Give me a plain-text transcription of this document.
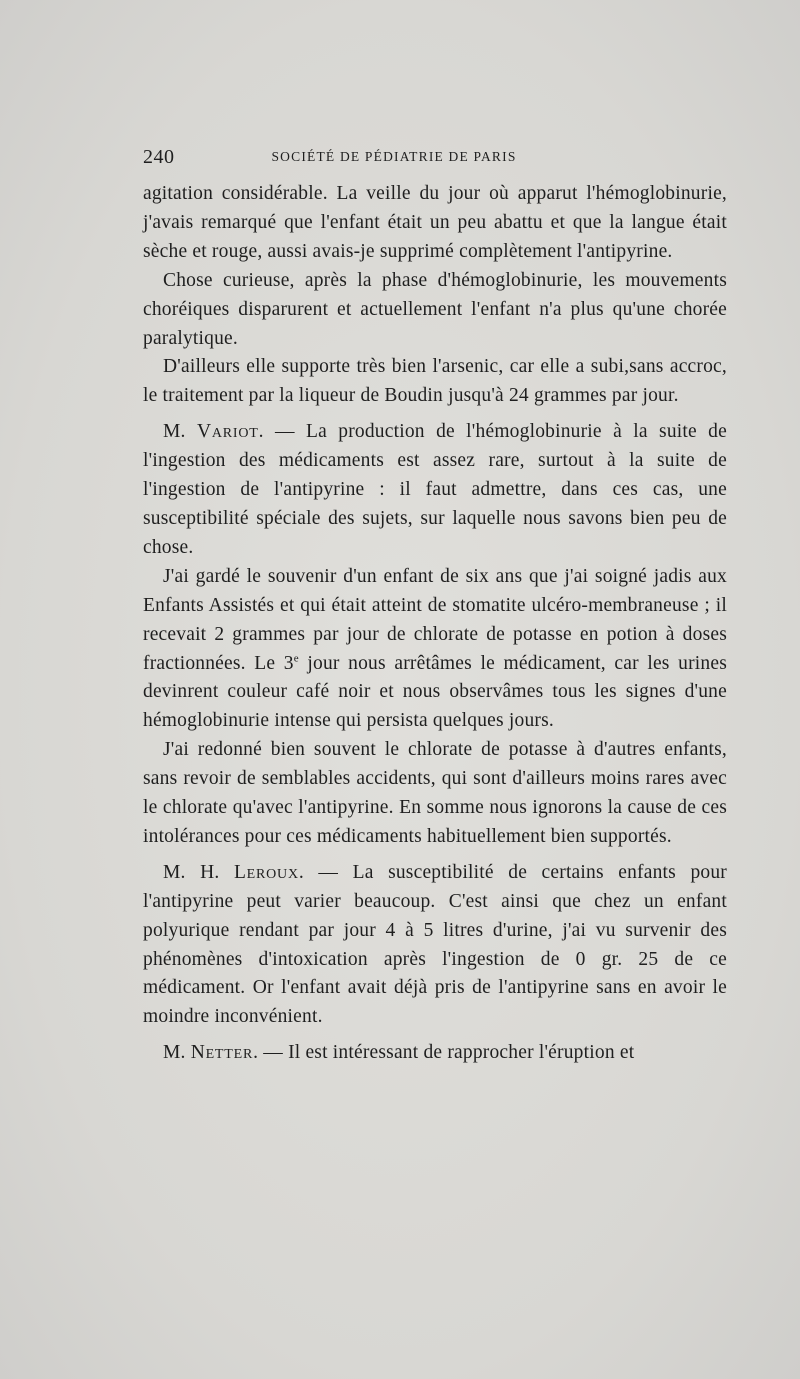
240	SOCIÉTÉ DE PÉDIATRIE DE PARIS

agitation considérable. La veille du jour où apparut l'hémoglobinurie, j'avais remarqué que l'enfant était un peu abattu et que la langue était sèche et rouge, aussi avais-je supprimé complètement l'antipyrine.

Chose curieuse, après la phase d'hémoglobinurie, les mouvements choréiques disparurent et actuellement l'enfant n'a plus qu'une chorée paralytique.

D'ailleurs elle supporte très bien l'arsenic, car elle a subi,sans accroc, le traitement par la liqueur de Boudin jusqu'à 24 grammes par jour.

M. Variot. — La production de l'hémoglobinurie à la suite de l'ingestion des médicaments est assez rare, surtout à la suite de l'ingestion de l'antipyrine : il faut admettre, dans ces cas, une susceptibilité spéciale des sujets, sur laquelle nous savons bien peu de chose.

J'ai gardé le souvenir d'un enfant de six ans que j'ai soigné jadis aux Enfants Assistés et qui était atteint de stomatite ulcéro-membraneuse ; il recevait 2 grammes par jour de chlorate de potasse en potion à doses fractionnées. Le 3e jour nous arrêtâmes le médicament, car les urines devinrent couleur café noir et nous observâmes tous les signes d'une hémoglobinurie intense qui persista quelques jours.

J'ai redonné bien souvent le chlorate de potasse à d'autres enfants, sans revoir de semblables accidents, qui sont d'ailleurs moins rares avec le chlorate qu'avec l'antipyrine. En somme nous ignorons la cause de ces intolérances pour ces médicaments habituellement bien supportés.

M. H. Leroux. — La susceptibilité de certains enfants pour l'antipyrine peut varier beaucoup. C'est ainsi que chez un enfant polyurique rendant par jour 4 à 5 litres d'urine, j'ai vu survenir des phénomènes d'intoxication après l'ingestion de 0 gr. 25 de ce médicament. Or l'enfant avait déjà pris de l'antipyrine sans en avoir le moindre inconvénient.

M. Netter. — Il est intéressant de rapprocher l'éruption et
